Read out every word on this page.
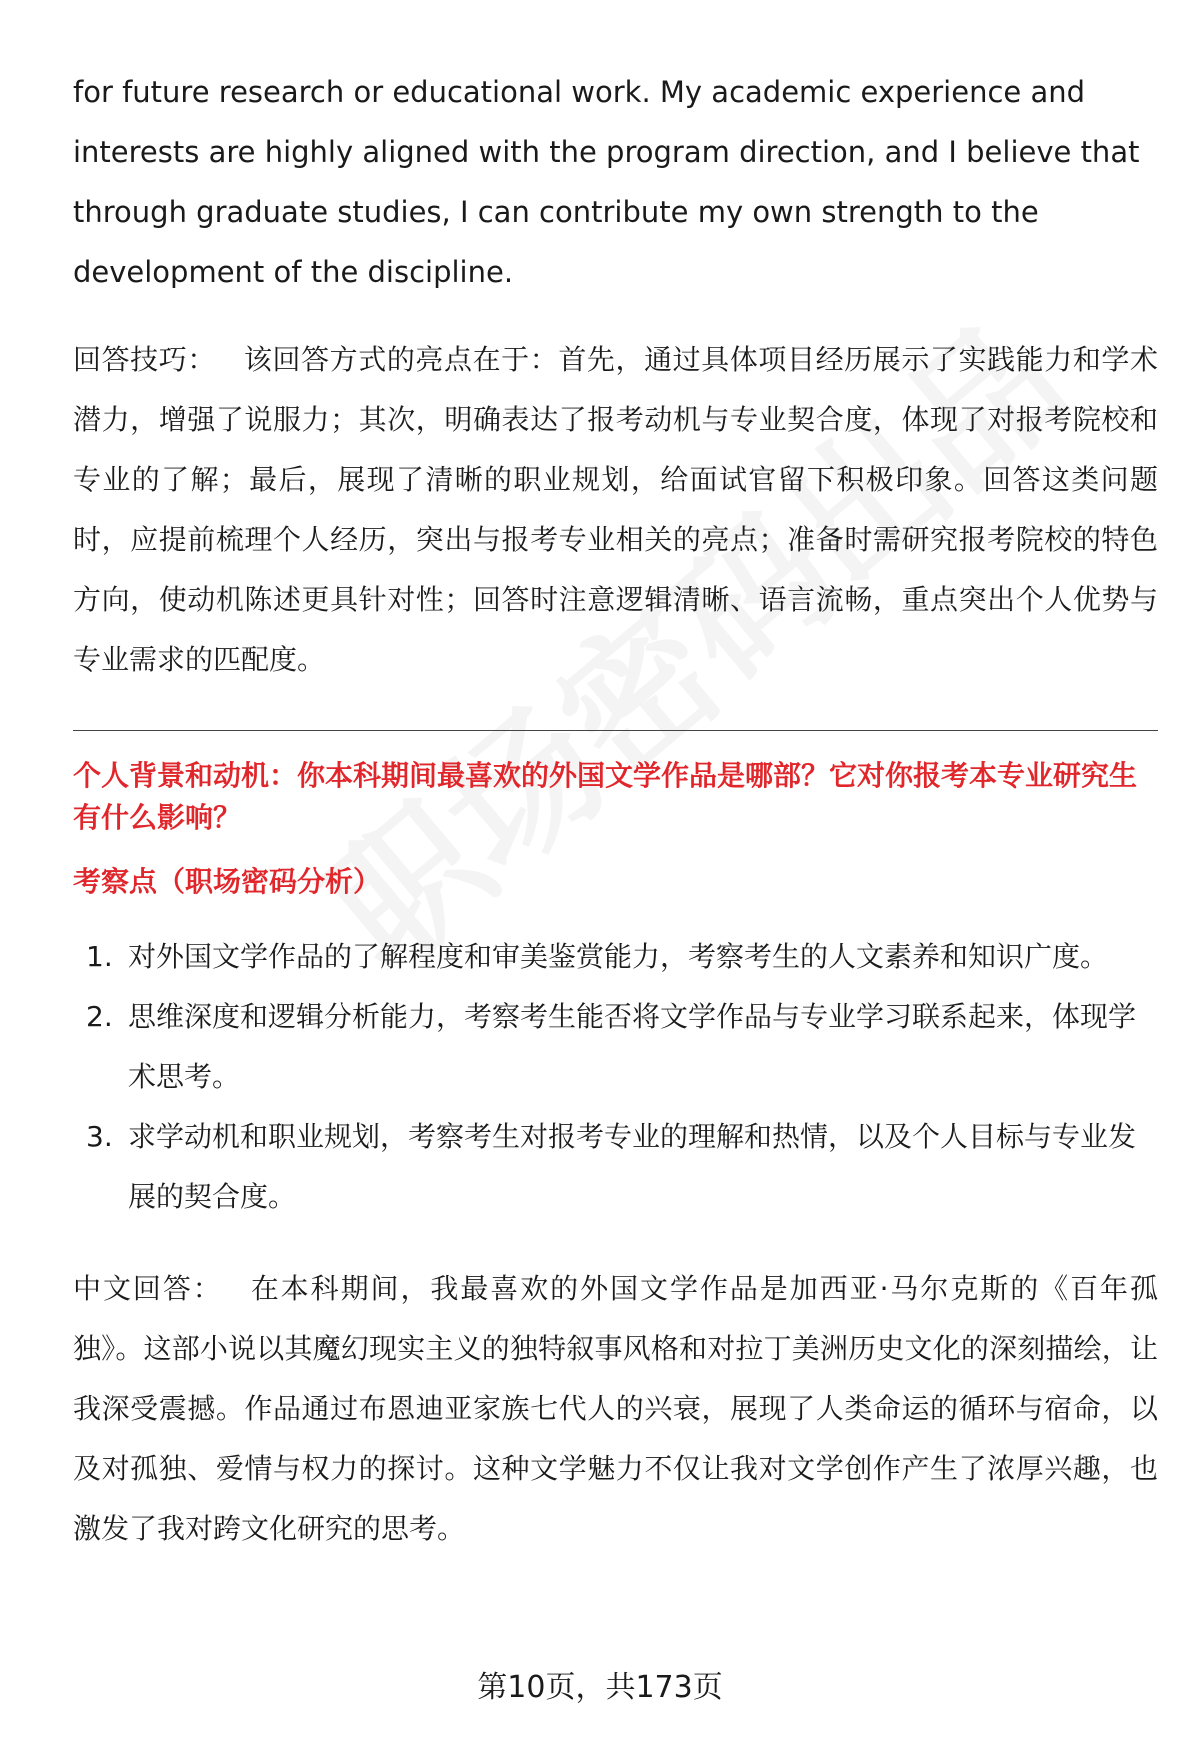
for future research or educational work. My academic experience and interests are highly aligned with the program direction, and I believe that through graduate studies, I can contribute my own strength to the development of the discipline.

回答技巧： 该回答方式的亮点在于：首先，通过具体项目经历展示了实践能力和学术潜力，增强了说服力；其次，明确表达了报考动机与专业契合度，体现了对报考院校和专业的了解；最后，展现了清晰的职业规划，给面试官留下积极印象。回答这类问题时，应提前梳理个人经历，突出与报考专业相关的亮点；准备时需研究报考院校的特色方向，使动机陈述更具针对性；回答时注意逻辑清晰、语言流畅，重点突出个人优势与专业需求的匹配度。

个人背景和动机：你本科期间最喜欢的外国文学作品是哪部？它对你报考本专业研究生有什么影响？
考察点（职场密码分析）
1. 对外国文学作品的了解程度和审美鉴赏能力，考察考生的人文素养和知识广度。
2. 思维深度和逻辑分析能力，考察考生能否将文学作品与专业学习联系起来，体现学术思考。
3. 求学动机和职业规划，考察考生对报考专业的理解和热情，以及个人目标与专业发展的契合度。

中文回答： 在本科期间，我最喜欢的外国文学作品是加西亚·马尔克斯的《百年孤独》。这部小说以其魔幻现实主义的独特叙事风格和对拉丁美洲历史文化的深刻描绘，让我深受震撼。作品通过布恩迪亚家族七代人的兴衰，展现了人类命运的循环与宿命，以及对孤独、爱情与权力的探讨。这种文学魅力不仅让我对文学创作产生了浓厚兴趣，也激发了我对跨文化研究的思考。

第10页，共173页
